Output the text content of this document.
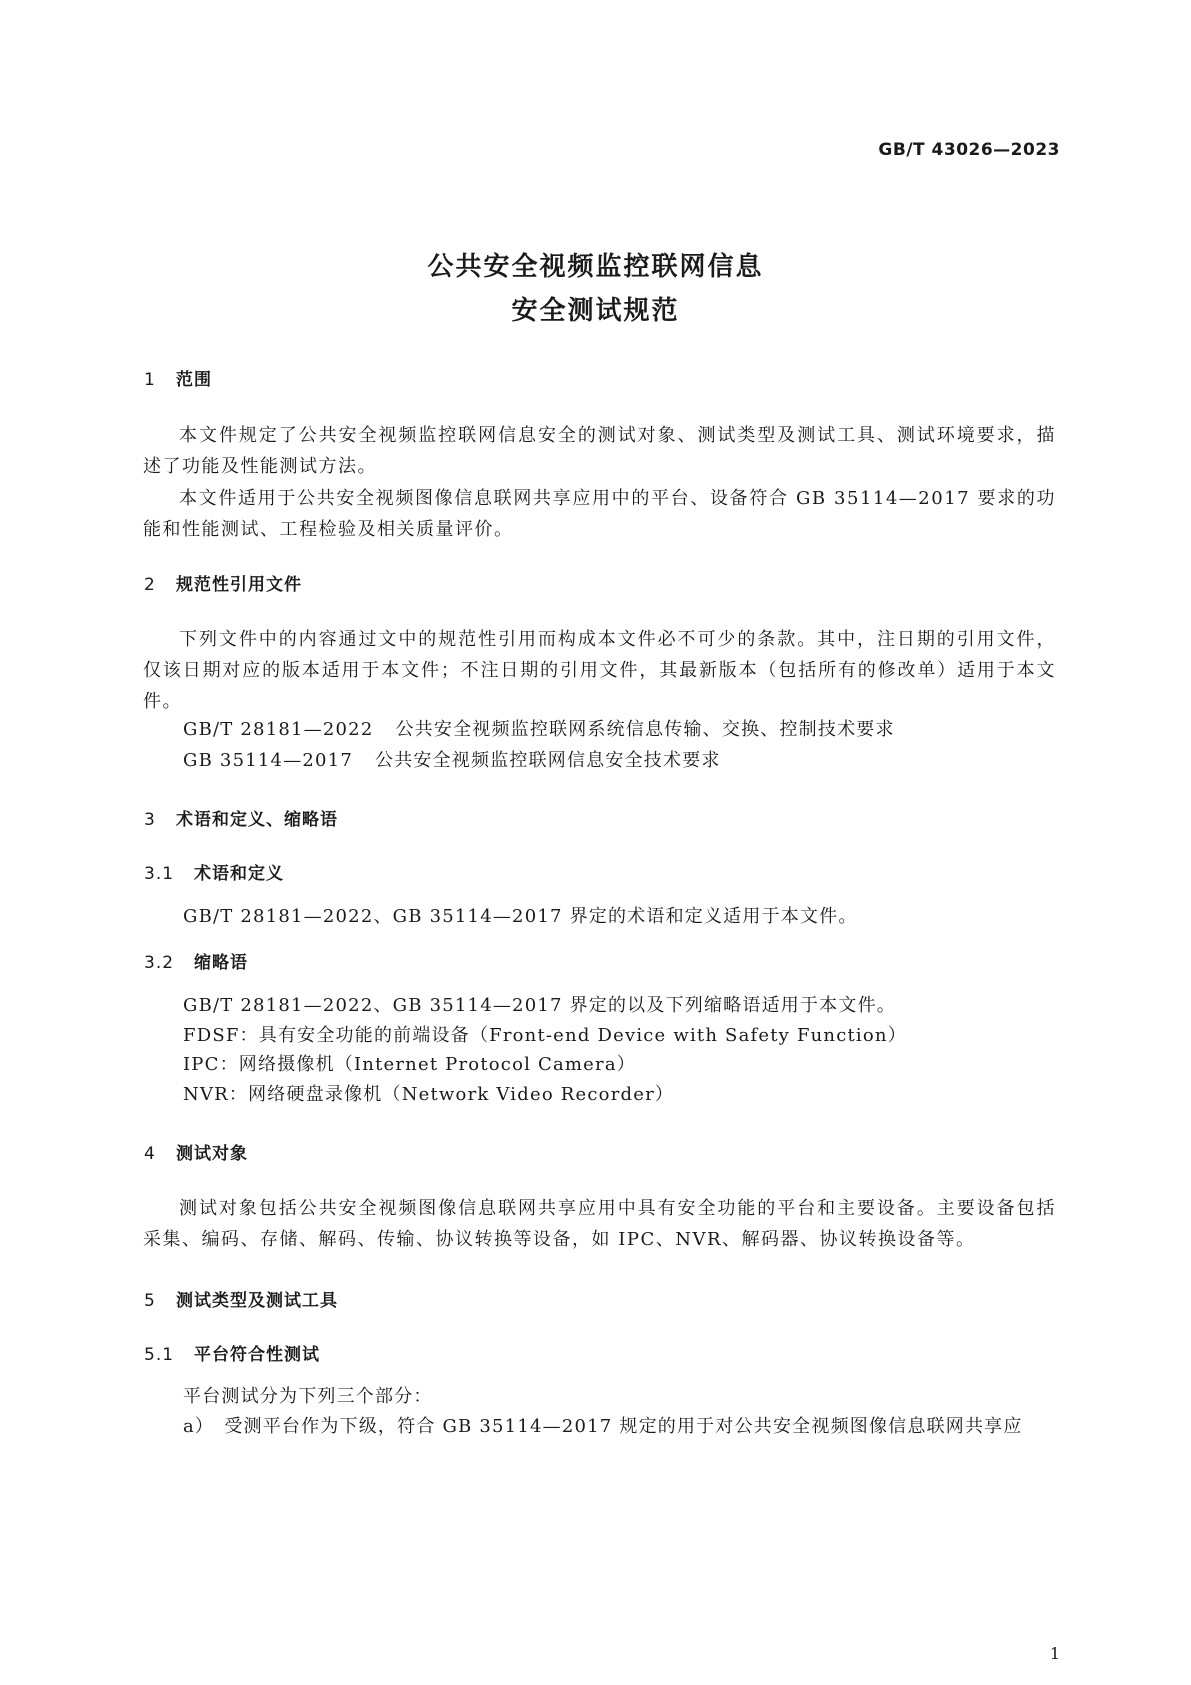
GB/T 43026—2023
公共安全视频监控联网信息
安全测试规范
1 范围
本文件规定了公共安全视频监控联网信息安全的测试对象、测试类型及测试工具、测试环境要求，描述了功能及性能测试方法。
本文件适用于公共安全视频图像信息联网共享应用中的平台、设备符合 GB 35114—2017 要求的功能和性能测试、工程检验及相关质量评价。
2 规范性引用文件
下列文件中的内容通过文中的规范性引用而构成本文件必不可少的条款。其中，注日期的引用文件，仅该日期对应的版本适用于本文件；不注日期的引用文件，其最新版本（包括所有的修改单）适用于本文件。
GB/T 28181—2022 公共安全视频监控联网系统信息传输、交换、控制技术要求
GB 35114—2017 公共安全视频监控联网信息安全技术要求
3 术语和定义、缩略语
3.1 术语和定义
GB/T 28181—2022、GB 35114—2017 界定的术语和定义适用于本文件。
3.2 缩略语
GB/T 28181—2022、GB 35114—2017 界定的以及下列缩略语适用于本文件。
FDSF：具有安全功能的前端设备（Front-end Device with Safety Function）
IPC：网络摄像机（Internet Protocol Camera）
NVR：网络硬盘录像机（Network Video Recorder）
4 测试对象
测试对象包括公共安全视频图像信息联网共享应用中具有安全功能的平台和主要设备。主要设备包括采集、编码、存储、解码、传输、协议转换等设备，如 IPC、NVR、解码器、协议转换设备等。
5 测试类型及测试工具
5.1 平台符合性测试
平台测试分为下列三个部分：
a）　受测平台作为下级，符合 GB 35114—2017 规定的用于对公共安全视频图像信息联网共享应
1
